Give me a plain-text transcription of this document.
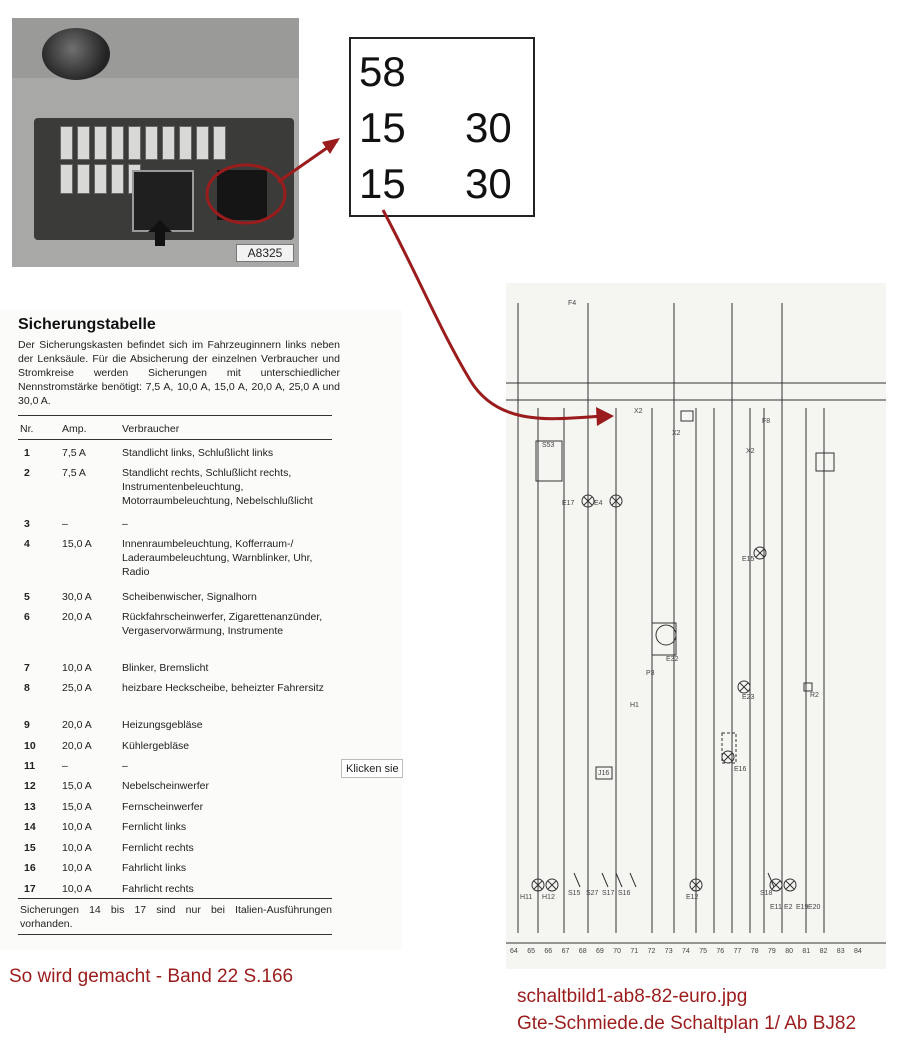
A8325
58
15 30
15 30
Sicherungstabelle
Der Sicherungskasten befindet sich im Fahrzeuginnern links neben der Lenksäule. Für die Absicherung der einzelnen Verbraucher und Stromkreise werden Sicherungen mit unterschiedlicher Nennstromstärke benötigt: 7,5 A, 10,0 A, 15,0 A, 20,0 A, 25,0 A und 30,0 A.
Nr.	Amp.	Verbraucher
1	7,5 A	Standlicht links, Schlußlicht links
2	7,5 A	Standlicht rechts, Schlußlicht rechts, Instrumentenbeleuchtung, Motorraumbeleuchtung, Nebelschlußlicht
3	–	–
4	15,0 A	Innenraumbeleuchtung, Kofferraum-/ Laderaumbeleuchtung, Warnblinker, Uhr, Radio
5	30,0 A	Scheibenwischer, Signalhorn
6	20,0 A	Rückfahrscheinwerfer, Zigarettenanzünder, Vergaservorwärmung, Instrumente
7	10,0 A	Blinker, Bremslicht
8	25,0 A	heizbare Heckscheibe, beheizter Fahrersitz
9	20,0 A	Heizungsgebläse
10	20,0 A	Kühlergebläse
11	–	–
12	15,0 A	Nebelscheinwerfer
13	15,0 A	Fernscheinwerfer
14	10,0 A	Fernlicht links
15	10,0 A	Fernlicht rechts
16	10,0 A	Fahrlicht links
17	10,0 A	Fahrlicht rechts
Sicherungen 14 bis 17 sind nur bei Italien-Ausführungen vorhanden.
Klicken sie
S53
E17	E4
E15
E32
P3
H1
E23
E16
R2
J16
H11 H12
S15 S27 S17 S16
E12
S18
E11 E2 E19 E20
F4
X2
X2
F8
X2
64 65 66 67 68 69 70 71 72 73 74 75 76 77 78 79 80 81 82 83 84
So wird gemacht - Band 22 S.166
schaltbild1-ab8-82-euro.jpg
Gte-Schmiede.de Schaltplan 1/ Ab BJ82
